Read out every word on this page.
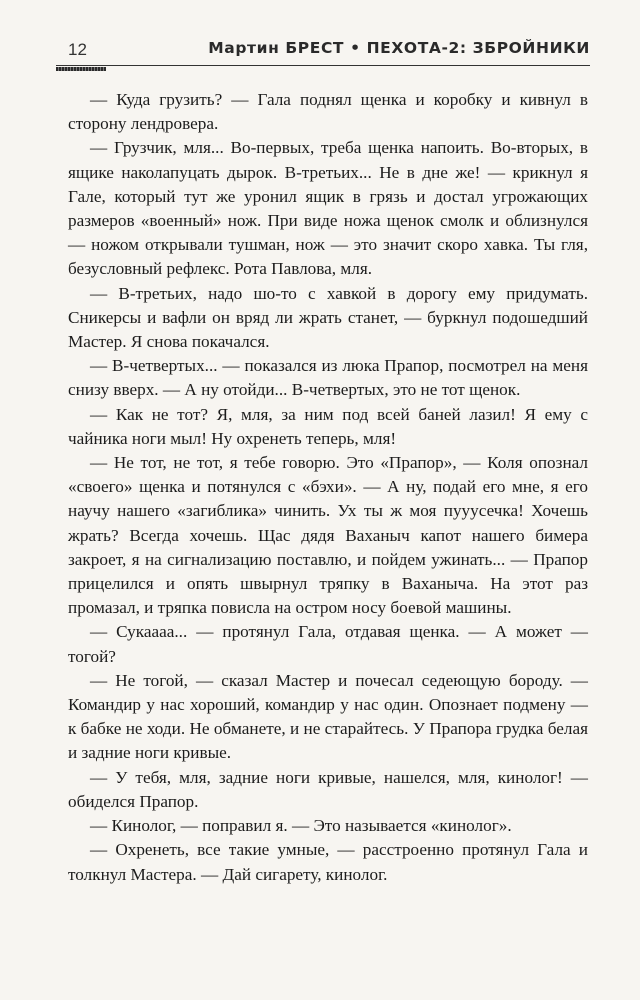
12	Мартин БРЕСТ • ПЕХОТА-2: ЗБРОЙНИКИ

— Куда грузить? — Гала поднял щенка и коробку и кивнул в сторону лендровера.

— Грузчик, мля... Во-первых, треба щенка напоить. Во-вторых, в ящике наколапуцать дырок. В-третьих... Не в дне же! — крикнул я Гале, который тут же уронил ящик в грязь и достал угрожающих размеров «военный» нож. При виде ножа щенок смолк и облизнулся — ножом открывали тушман, нож — это значит скоро хавка. Ты гля, безусловный рефлекс. Рота Павлова, мля.

— В-третьих, надо шо-то с хавкой в дорогу ему придумать. Сникерсы и вафли он вряд ли жрать станет, — буркнул подошедший Мастер. Я снова покачался.

— В-четвертых... — показался из люка Прапор, посмотрел на меня снизу вверх. — А ну отойди... В-четвертых, это не тот щенок.

— Как не тот? Я, мля, за ним под всей баней лазил! Я ему с чайника ноги мыл! Ну охренеть теперь, мля!

— Не тот, не тот, я тебе говорю. Это «Прапор», — Коля опознал «своего» щенка и потянулся с «бэхи». — А ну, подай его мне, я его научу нашего «загиблика» чинить. Ух ты ж моя пууусечка! Хочешь жрать? Всегда хочешь. Щас дядя Ваханыч капот нашего бимера закроет, я на сигнализацию поставлю, и пойдем ужинать... — Прапор прицелился и опять швырнул тряпку в Ваханыча. На этот раз промазал, и тряпка повисла на остром носу боевой машины.

— Сукаааа... — протянул Гала, отдавая щенка. — А может — тогой?

— Не тогой, — сказал Мастер и почесал седеющую бороду. — Командир у нас хороший, командир у нас один. Опознает подмену — к бабке не ходи. Не обманете, и не старайтесь. У Прапора грудка белая и задние ноги кривые.

— У тебя, мля, задние ноги кривые, нашелся, мля, кинолог! — обиделся Прапор.

— Кинолог, — поправил я. — Это называется «кинолог».

— Охренеть, все такие умные, — расстроенно протянул Гала и толкнул Мастера. — Дай сигарету, кинолог.
